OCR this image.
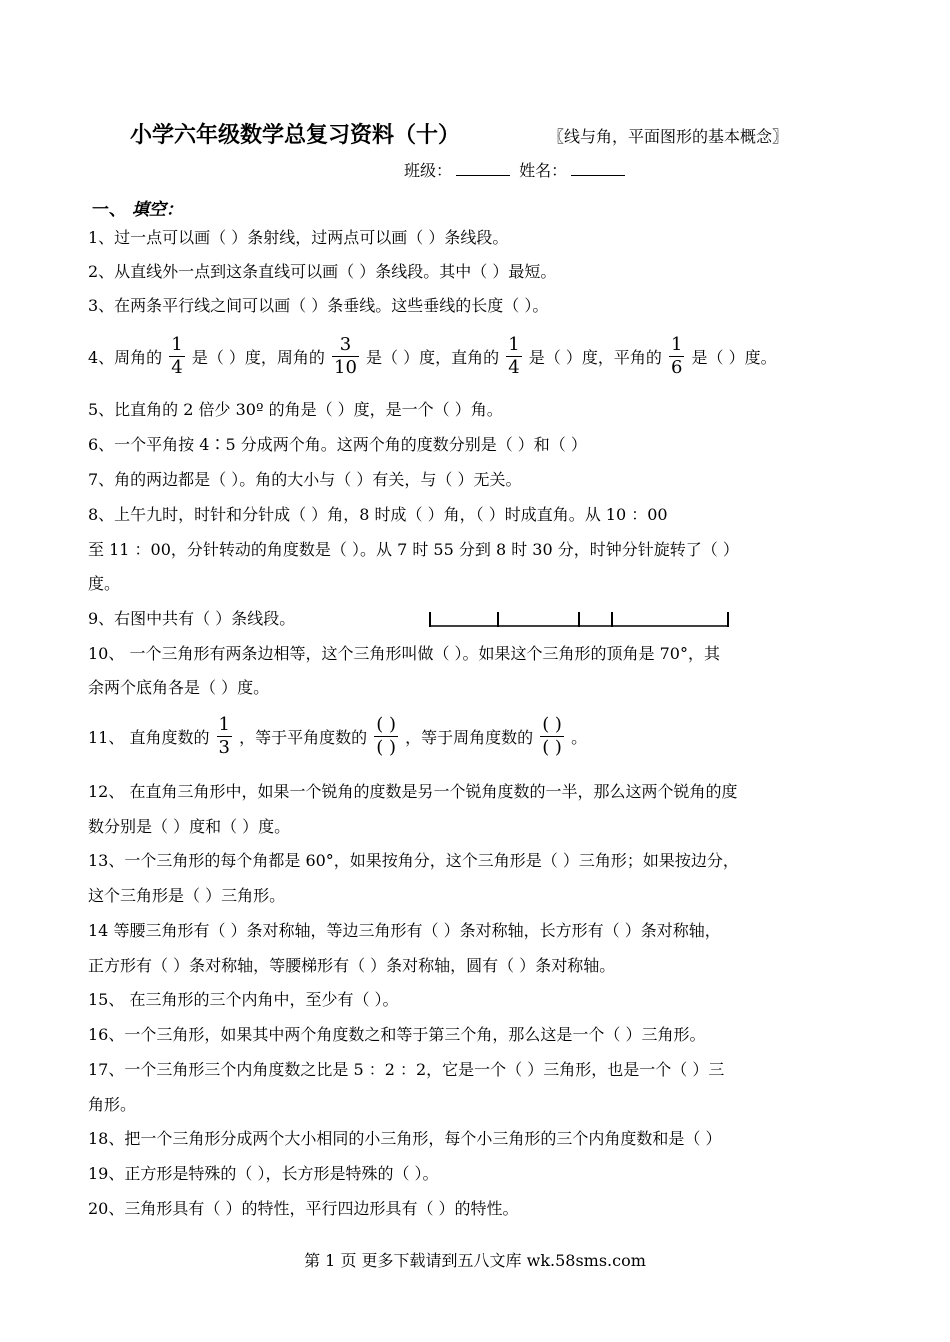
小学六年级数学总复习资料（十）	〖线与角，平面图形的基本概念〗
班级：	姓名：
一、 填空：
1、过一点可以画（ ）条射线，过两点可以画（ ）条线段。
2、从直线外一点到这条直线可以画（ ）条线段。其中（ ）最短。
3、在两条平行线之间可以画（ ）条垂线。这些垂线的长度（ ）。
4、周角的 $\frac{1}{4}$ 是（ ）度，周角的 $\frac{3}{10}$ 是（ ）度，直角的 $\frac{1}{4}$ 是（ ）度，平角的 $\frac{1}{6}$ 是（ ）度。
5、比直角的 2 倍少 30º 的角是（ ）度，是一个（ ）角。
6、一个平角按 4∶5 分成两个角。这两个角的度数分别是（ ）和（ ）
7、角的两边都是（ ）。角的大小与（ ）有关，与（ ）无关。
8、上午九时，时针和分针成（ ）角，8 时成（ ）角，（ ）时成直角。从 10 ：00
至 11 ：00，分针转动的角度数是（ ）。从 7 时 55 分到 8 时 30 分，时钟分针旋转了（ ）
度。
9、右图中共有（ ）条线段。
10、 一个三角形有两条边相等，这个三角形叫做（ ）。如果这个三角形的顶角是 70°，其
余两个底角各是（ ）度。
11、 直角度数的 $\frac{1}{3}$ ，等于平角度数的 $\frac{( )}{( )}$ ，等于周角度数的 $\frac{( )}{( )}$ 。
12、 在直角三角形中，如果一个锐角的度数是另一个锐角度数的一半，那么这两个锐角的度
数分别是（ ）度和（ ）度。
13、一个三角形的每个角都是 60°，如果按角分，这个三角形是（ ）三角形；如果按边分，
这个三角形是（ ）三角形。
14 等腰三角形有（ ）条对称轴，等边三角形有（ ）条对称轴，长方形有（ ）条对称轴，
正方形有（ ）条对称轴，等腰梯形有（ ）条对称轴，圆有（ ）条对称轴。
15、 在三角形的三个内角中，至少有（ ）。
16、一个三角形，如果其中两个角度数之和等于第三个角，那么这是一个（ ）三角形。
17、一个三角形三个内角度数之比是 5 ：2 ：2，它是一个（ ）三角形，也是一个（ ）三
角形。
18、把一个三角形分成两个大小相同的小三角形，每个小三角形的三个内角度数和是（ ）
19、正方形是特殊的（ ），长方形是特殊的（ ）。
20、三角形具有（ ）的特性，平行四边形具有（ ）的特性。
第 1 页 更多下载请到五八文库 wk.58sms.com
